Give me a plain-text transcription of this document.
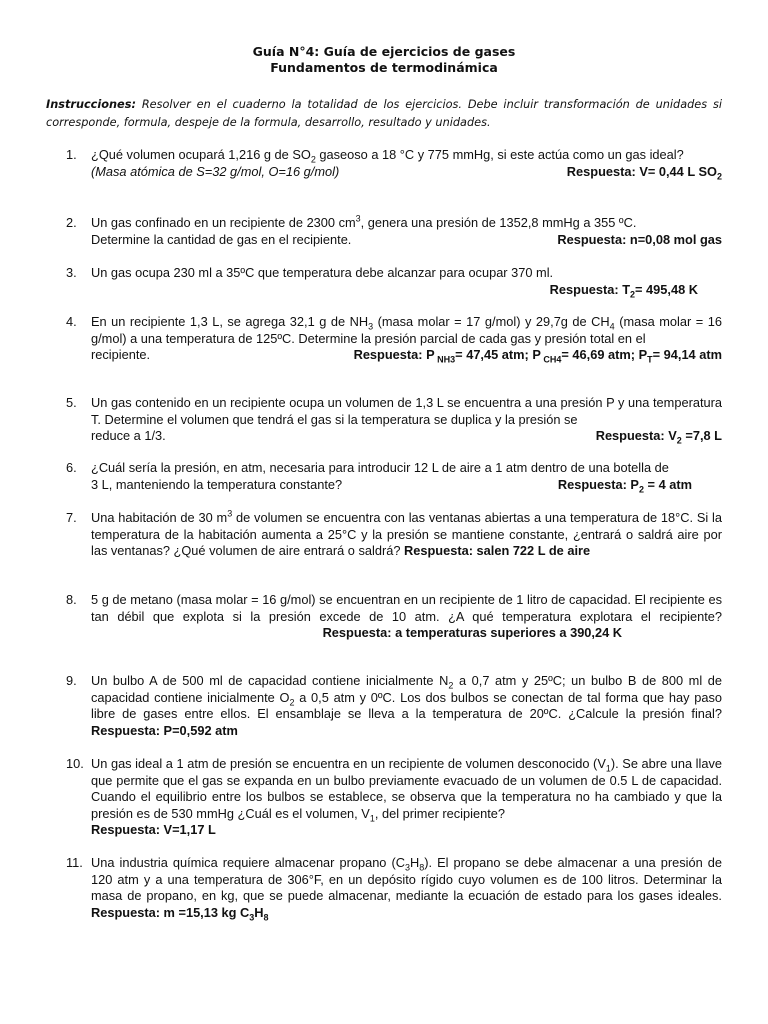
Guía N°4: Guía de ejercicios de gases
Fundamentos de termodinámica
Instrucciones: Resolver en el cuaderno la totalidad de los ejercicios. Debe incluir transformación de unidades si corresponde, formula, despeje de la formula, desarrollo, resultado y unidades.
1. ¿Qué volumen ocupará 1,216 g de $SO_2$ gaseoso a 18 °C y 775 mmHg, si este actúa como un gas ideal?
(Masa atómica de S=32 g/mol, O=16 g/mol)	Respuesta: V= 0,44 L $SO_2$
2. Un gas confinado en un recipiente de 2300 $cm^3$, genera una presión de 1352,8 mmHg a 355 ºC.
Determine la cantidad de gas en el recipiente.	Respuesta: n=0,08 mol gas
3. Un gas ocupa 230 ml a 35ºC que temperatura debe alcanzar para ocupar 370 ml.
Respuesta: $T_2= 495,48$ K
4. En un recipiente 1,3 L, se agrega 32,1 g de $NH_3$ (masa molar = 17 g/mol) y 29,7g de $CH_4$ (masa molar = 16 g/mol) a una temperatura de 125ºC. Determine la presión parcial de cada gas y presión total en el
recipiente.	Respuesta: P $_{NH3}$= 47,45 atm; P $_{CH4}$= 46,69 atm; $P_T= 94,14$ atm
5. Un gas contenido en un recipiente ocupa un volumen de 1,3 L se encuentra a una presión P y una temperatura T. Determine el volumen que tendrá el gas si la temperatura se duplica y la presión se
reduce a 1/3.	Respuesta: $V_2 =7,8$ L
6. ¿Cuál sería la presión, en atm, necesaria para introducir 12 L de aire a 1 atm dentro de una botella de
3 L, manteniendo la temperatura constante?	Respuesta: $P_2 = 4$ atm
7. Una habitación de 30 $m^3$ de volumen se encuentra con las ventanas abiertas a una temperatura de 18°C. Si la temperatura de la habitación aumenta a 25°C y la presión se mantiene constante, ¿entrará o saldrá aire por las ventanas? ¿Qué volumen de aire entrará o saldrá? Respuesta: salen 722 L de aire
8. 5 g de metano (masa molar = 16 g/mol) se encuentran en un recipiente de 1 litro de capacidad. El recipiente es tan débil que explota si la presión excede de 10 atm. ¿A qué temperatura explotara el recipiente?  Respuesta: a temperaturas superiores a 390,24 K
9. Un bulbo A de 500 ml de capacidad contiene inicialmente $N_2$ a 0,7 atm y 25ºC; un bulbo B de 800 ml de capacidad contiene inicialmente $O_2$ a 0,5 atm y 0ºC. Los dos bulbos se conectan de tal forma que hay paso libre de gases entre ellos. El ensamblaje se lleva a la temperatura de 20ºC. ¿Calcule la presión final? Respuesta: P=0,592 atm
10. Un gas ideal a 1 atm de presión se encuentra en un recipiente de volumen desconocido $(V_1)$. Se abre una llave que permite que el gas se expanda en un bulbo previamente evacuado de un volumen de 0.5 L de capacidad. Cuando el equilibrio entre los bulbos se establece, se observa que la temperatura no ha cambiado y que la presión es de 530 mmHg ¿Cuál es el volumen, $V_1$, del primer recipiente?
Respuesta: V=1,17 L
11. Una industria química requiere almacenar propano $(C_3H_8)$. El propano se debe almacenar a una presión de 120 atm y a una temperatura de 306°F, en un depósito rígido cuyo volumen es de 100 litros. Determinar la masa de propano, en kg, que se puede almacenar, mediante la ecuación de estado para los gases ideales. Respuesta: m =15,13 kg $C_3H_8$
